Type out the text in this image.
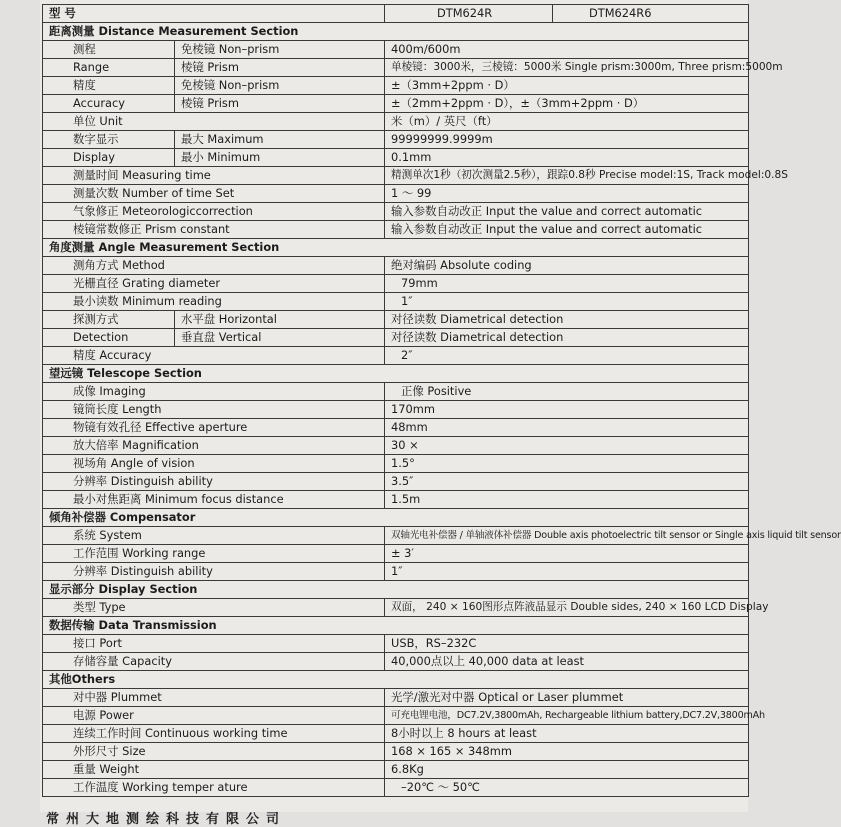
型 号		DTM624R	DTM624R6
距离测量 Distance Measurement Section			
测程	免棱镜 Non–prism	400m/600m	
Range	棱镜 Prism	单棱镜：3000米，三棱镜：5000米 Single prism:3000m, Three prism:5000m	
精度	免棱镜 Non–prism	±（3mm+2ppm · D）	
Accuracy	棱镜 Prism	±（2mm+2ppm · D），±（3mm+2ppm · D）	
单位 Unit		米（m）/ 英尺（ft）	
数字显示	最大 Maximum	99999999.9999m	
Display	最小 Minimum	0.1mm	
测量时间 Measuring time		精测单次1秒（初次测量2.5秒），跟踪0.8秒 Precise model:1S, Track model:0.8S	
测量次数 Number of time Set		1 ～ 99	
气象修正 Meteorologiccorrection		输入参数自动改正 Input the value and correct automatic	
棱镜常数修正 Prism constant		输入参数自动改正 Input the value and correct automatic	
角度测量 Angle Measurement Section			
测角方式 Method		绝对编码 Absolute coding	
光栅直径 Grating diameter		79mm	
最小读数 Minimum reading		1″	
探测方式	水平盘 Horizontal	对径读数 Diametrical detection	
Detection	垂直盘 Vertical	对径读数 Diametrical detection	
精度 Accuracy		2″	
望远镜 Telescope Section			
成像 Imaging		正像 Positive	
镜筒长度 Length		170mm	
物镜有效孔径 Effective aperture		48mm	
放大倍率 Magnification		30 ×	
视场角 Angle of vision		1.5°	
分辨率 Distinguish ability		3.5″	
最小对焦距离 Minimum focus distance		1.5m	
倾角补偿器 Compensator			
系统 System		双轴光电补偿器 / 单轴液体补偿器 Double axis photoelectric tilt sensor or Single axis liquid tilt sensor	
工作范围 Working range		± 3′	
分辨率 Distinguish ability		1″	
显示部分 Display Section			
类型 Type		双面， 240 × 160图形点阵液晶显示 Double sides, 240 × 160 LCD Display	
数据传输 Data Transmission			
接口 Port		USB，RS–232C	
存储容量 Capacity		40,000点以上 40,000 data at least	
其他Others			
对中器 Plummet		光学/激光对中器 Optical or Laser plummet	
电源 Power		可充电锂电池，DC7.2V,3800mAh, Rechargeable lithium battery,DC7.2V,3800mAh	
连续工作时间 Continuous working time		8小时以上 8 hours at least	
外形尺寸 Size		168 × 165 × 348mm	
重量 Weight		6.8Kg	
工作温度 Working temper ature		–20℃ ～ 50℃	
常州大地测绘科技有限公司
